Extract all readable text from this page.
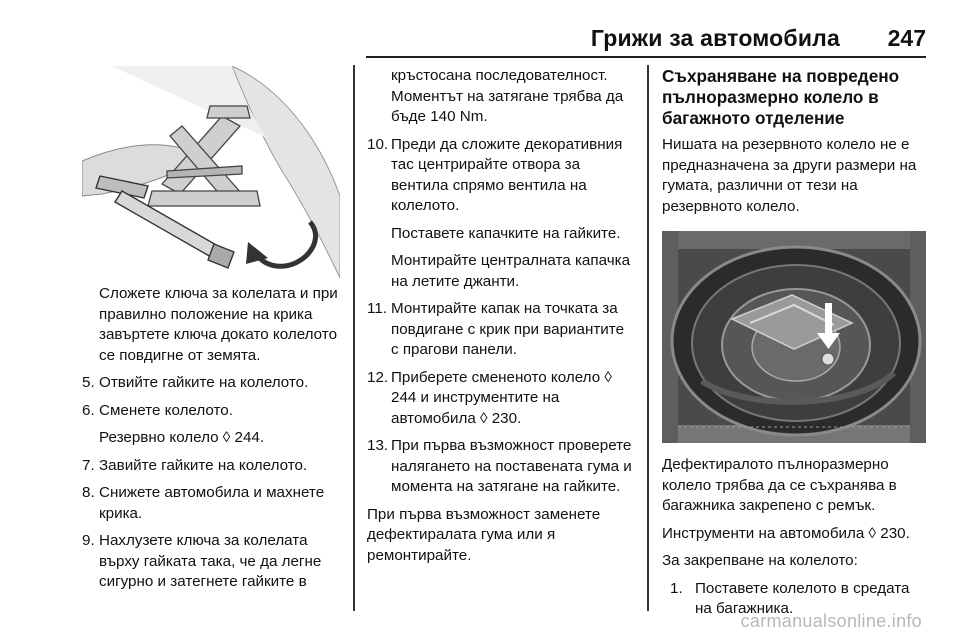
Грижи за автомобила 247

Сложете ключа за колелата и при правилно положение на крика завъртете ключа докато колелото се повдигне от земята.

5. Отвийте гайките на колелото.
6. Сменете колелото.
Резервно колело ◊ 244.
7. Завийте гайките на колелото.
8. Снижете автомобила и махнете крика.
9. Нахлузете ключа за колелата върху гайката така, че да легне сигурно и затегнете гайките в

кръстосана последователност. Моментът на затягане трябва да бъде 140 Nm.

10. Преди да сложите декоративния тас центрирайте отвора за вентила спрямо вентила на колелото.
Поставете капачките на гайките.
Монтирайте централната капачка на летите джанти.
11. Монтирайте капак на точката за повдигане с крик при вариантите с прагови панели.
12. Приберете смененото колело ◊ 244 и инструментите на автомобила ◊ 230.
13. При първа възможност проверете налягането на поставената гума и момента на затягане на гайките.

При първа възможност заменете дефектиралата гума или я ремонтирайте.

Съхраняване на повредено пълноразмерно колело в багажното отделение

Нишата на резервното колело не е предназначена за други размери на гумата, различни от тези на резервното колело.

Дефектиралото пълноразмерно колело трябва да се съхранява в багажника закрепено с ремък.

Инструменти на автомобила ◊ 230.

За закрепване на колелото:

1. Поставете колелото в средата на багажника.
carmanualsonline.info
